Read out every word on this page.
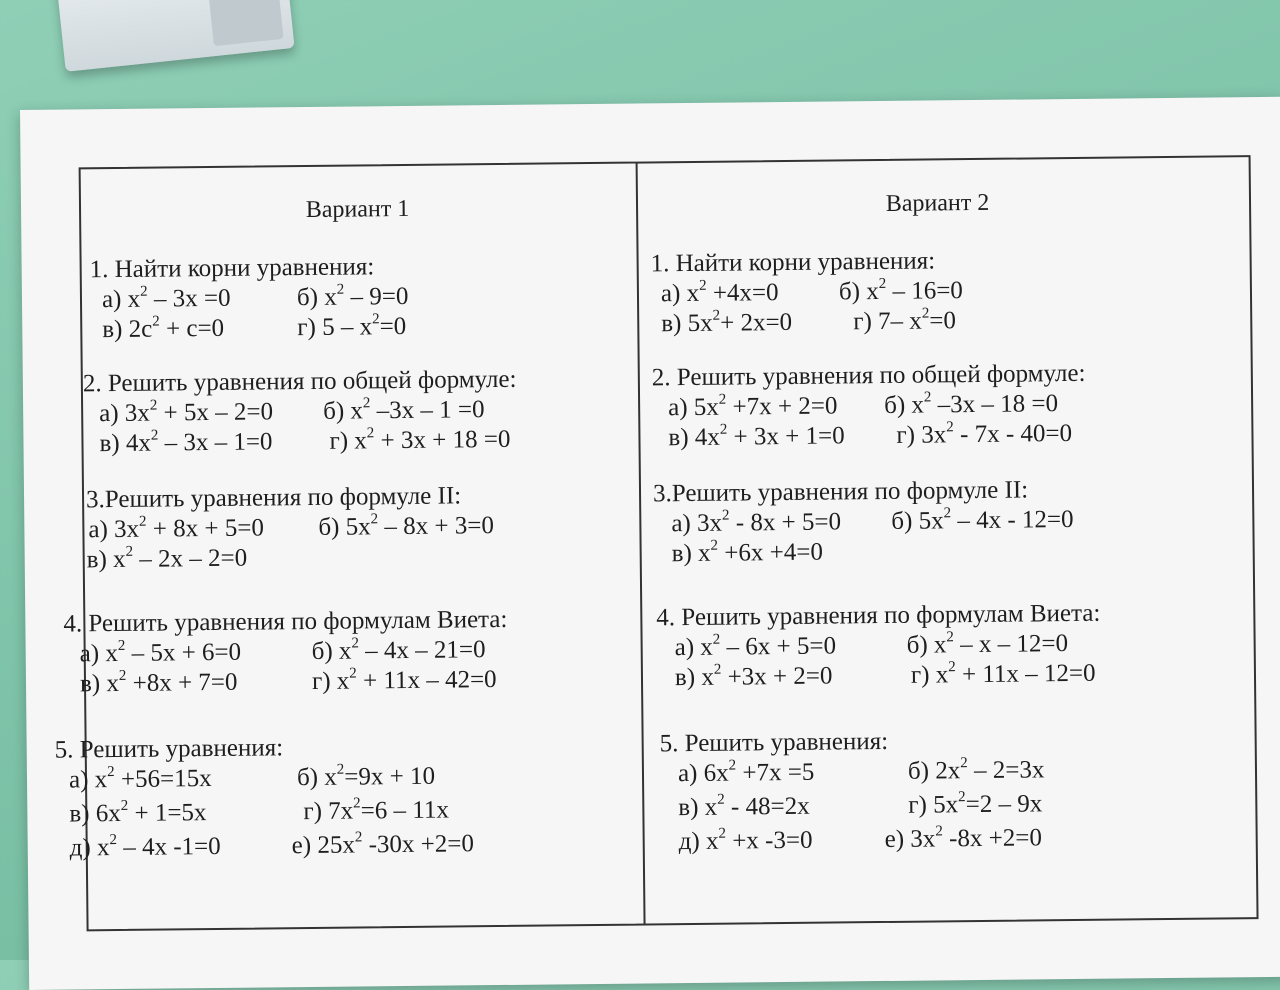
Вариант 1
1. Найти корни уравнения:
а) $x^2 - 3x =0$	б) $x^2 - 9=0$
в) $2c^2 + c=0$	г) $5 - x^2=0$
2. Решить уравнения по общей формуле:
а) $3x^2 + 5x - 2=0$	б) $x^2$ –3x – 1 =0
в) $4x^2 - 3x - 1=0$	г) $x^2 + 3x + 18 =0$
3.Решить уравнения по формуле II:
а) $3x^2 + 8x + 5=0$	б) $5x^2 - 8x + 3=0$
в) $x^2 - 2x - 2=0$
4. Решить уравнения по формулам Виета:
а) $x^2 - 5x + 6=0$	б) $x^2 - 4x - 21=0$
в) $x^2 +8x + 7=0$	г) $x^2 + 11x - 42=0$
5. Решить уравнения:
а) $x^2 +56=15x$	б) $x^2=9x + 10$
в) $6x^2 + 1=5x$	г) $7x^2=6 - 11x$
д) $x^2 - 4x$ -1=0	е) $25x^2$ -30x +2=0
Вариант 2
1. Найти корни уравнения:
а) $x^2 +4x=0$	б) $x^2 - 16=0$
в) $5x^2+ 2x=0$	г) 7– $x^2=0$
2. Решить уравнения по общей формуле:
а) $5x^2 +7x + 2=0$	б) $x^2$ –3x – 18 =0
в) $4x^2 + 3x + 1=0$	г) $3x^2 - 7x - 40=0$
3.Решить уравнения по формуле II:
а) $3x^2 - 8x + 5=0$	б) $5x^2 - 4x - 12=0$
в) $x^2 +6x +4=0$
4. Решить уравнения по формулам Виета:
а) $x^2 - 6x + 5=0$	б) $x^2 - x - 12=0$
в) $x^2 +3x + 2=0$	г) $x^2 + 11x - 12=0$
5. Решить уравнения:
а) $6x^2 +7x =5$	б) $2x^2 - 2=3x$
в) $x^2 - 48=2x$	г) $5x^2=2 - 9x$
д) $x^2 +x$ -3=0	е) $3x^2$ -8x +2=0
